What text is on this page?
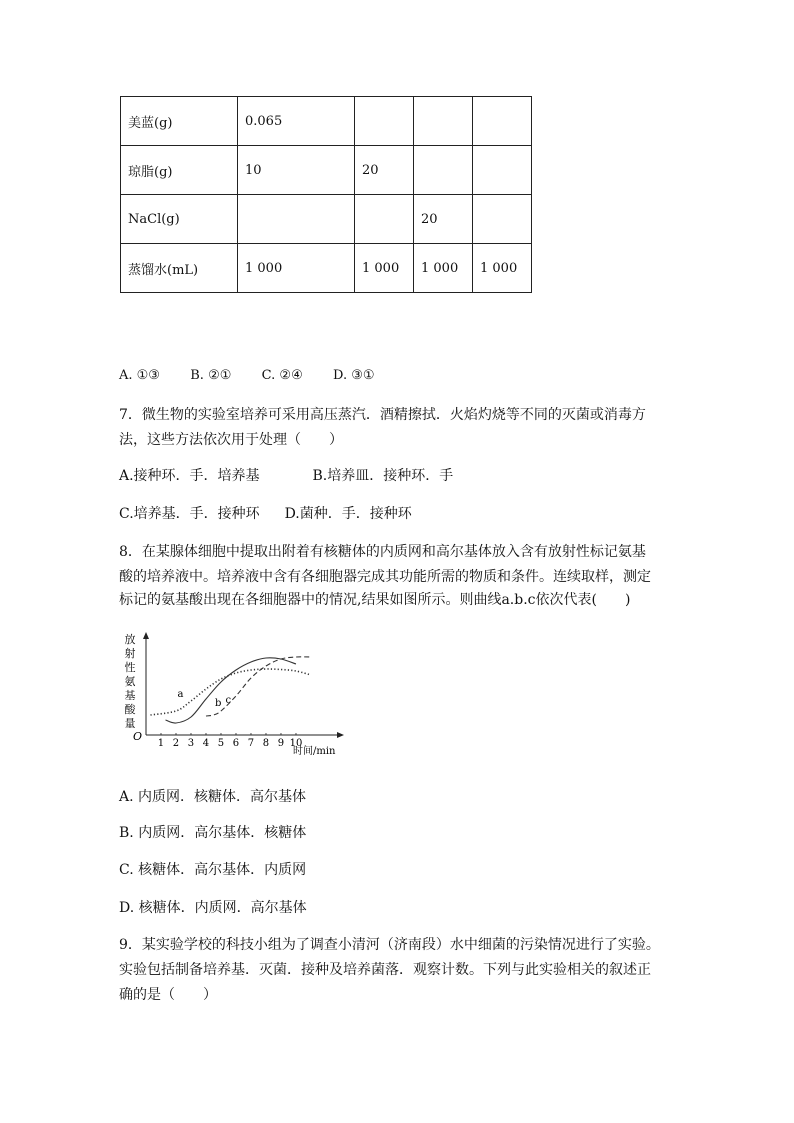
美蓝(g)	0.065			
琼脂(g)	10	20		
NaCl(g)			20	
蒸馏水(mL)	1 000	1 000	1 000	1 000
A. ①③ B. ②① C. ②④ D. ③①
7．微生物的实验室培养可采用高压蒸汽．酒精擦拭．火焰灼烧等不同的灭菌或消毒方
法，这些方法依次用于处理（　　）
A.接种环．手．培养基	B.培养皿．接种环．手
C.培养基．手．接种环 D.菌种．手．接种环
8．在某腺体细胞中提取出附着有核糖体的内质网和高尔基体放入含有放射性标记氨基
酸的培养液中。培养液中含有各细胞器完成其功能所需的物质和条件。连续取样，测定
标记的氨基酸出现在各细胞器中的情况,结果如图所示。则曲线a.b.c依次代表(　　)
放
射
性
氨
基
酸
量
O
1 2 3 4 5 6 7 8 9 10
a
b c
时间/min
A. 内质网．核糖体．高尔基体
B. 内质网．高尔基体．核糖体
C. 核糖体．高尔基体．内质网
D. 核糖体．内质网．高尔基体
9．某实验学校的科技小组为了调查小清河（济南段）水中细菌的污染情况进行了实验。
实验包括制备培养基．灭菌．接种及培养菌落．观察计数。下列与此实验相关的叙述正
确的是（　　）
